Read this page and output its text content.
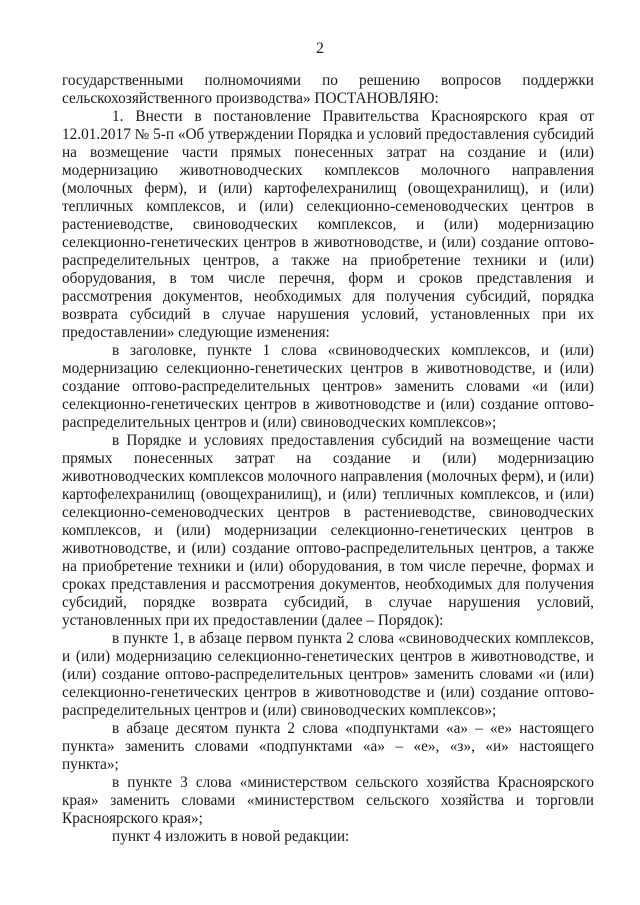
2

государственными полномочиями по решению вопросов поддержки сельскохозяйственного производства» ПОСТАНОВЛЯЮ:

1. Внести в постановление Правительства Красноярского края от 12.01.2017 № 5-п «Об утверждении Порядка и условий предоставления субсидий на возмещение части прямых понесенных затрат на создание и (или) модернизацию животноводческих комплексов молочного направления (молочных ферм), и (или) картофелехранилищ (овощехранилищ), и (или) тепличных комплексов, и (или) селекционно-семеноводческих центров в растениеводстве, свиноводческих комплексов, и (или) модернизацию селекционно-генетических центров в животноводстве, и (или) создание оптово-распределительных центров, а также на приобретение техники и (или) оборудования, в том числе перечня, форм и сроков представления и рассмотрения документов, необходимых для получения субсидий, порядка возврата субсидий в случае нарушения условий, установленных при их предоставлении» следующие изменения:

в заголовке, пункте 1 слова «свиноводческих комплексов, и (или) модернизацию селекционно-генетических центров в животноводстве, и (или) создание оптово-распределительных центров» заменить словами «и (или) селекционно-генетических центров в животноводстве и (или) создание оптово-распределительных центров и (или) свиноводческих комплексов»;

в Порядке и условиях предоставления субсидий на возмещение части прямых понесенных затрат на создание и (или) модернизацию животноводческих комплексов молочного направления (молочных ферм), и (или) картофелехранилищ (овощехранилищ), и (или) тепличных комплексов, и (или) селекционно-семеноводческих центров в растениеводстве, свиноводческих комплексов, и (или) модернизации селекционно-генетических центров в животноводстве, и (или) создание оптово-распределительных центров, а также на приобретение техники и (или) оборудования, в том числе перечне, формах и сроках представления и рассмотрения документов, необходимых для получения субсидий, порядке возврата субсидий, в случае нарушения условий, установленных при их предоставлении (далее – Порядок):

в пункте 1, в абзаце первом пункта 2 слова «свиноводческих комплексов, и (или) модернизацию селекционно-генетических центров в животноводстве, и (или) создание оптово-распределительных центров» заменить словами «и (или) селекционно-генетических центров в животноводстве и (или) создание оптово-распределительных центров и (или) свиноводческих комплексов»;

в абзаце десятом пункта 2 слова «подпунктами «а» – «е» настоящего пункта» заменить словами «подпунктами «а» – «е», «з», «и» настоящего пункта»;

в пункте 3 слова «министерством сельского хозяйства Красноярского края» заменить словами «министерством сельского хозяйства и торговли Красноярского края»;

пункт 4 изложить в новой редакции:
